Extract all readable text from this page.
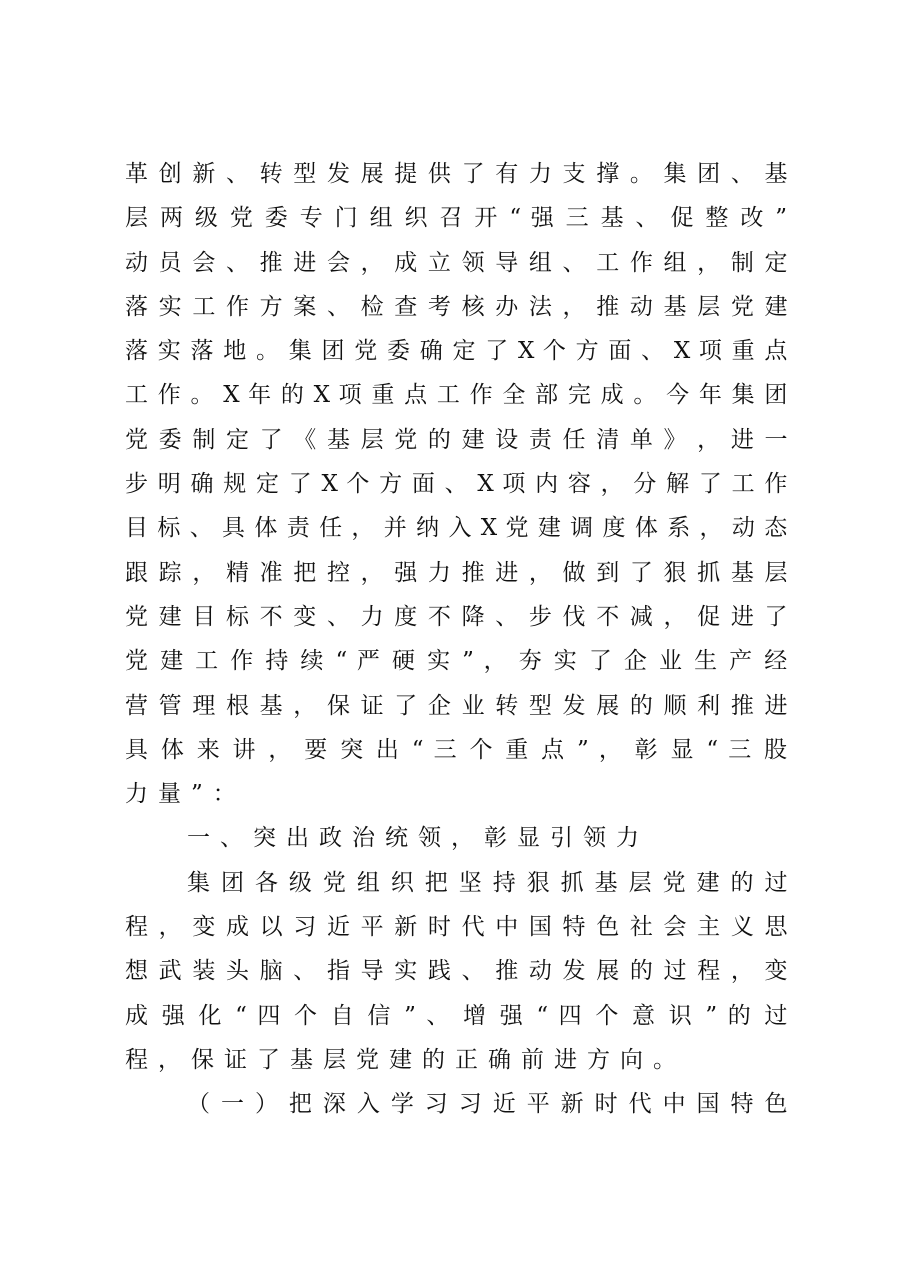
革 创 新 、 转 型 发 展 提 供 了 有 力 支 撑 。 集 团 、 基
层 两 级 党 委 专 门 组 织 召 开 “ 强 三 基 、 促 整 改 ”
动 员 会 、 推 进 会 ， 成 立 领 导 组 、 工 作 组 ， 制 定
落 实 工 作 方 案 、 检 查 考 核 办 法 ， 推 动 基 层 党 建
落 实 落 地 。 集 团 党 委 确 定 了 X 个 方 面 、 X 项 重 点
工 作 。 X 年 的 X 项 重 点 工 作 全 部 完 成 。 今 年 集 团
党 委 制 定 了 《 基 层 党 的 建 设 责 任 清 单 》 ， 进 一
步 明 确 规 定 了 X 个 方 面 、 X 项 内 容 ， 分 解 了 工 作
目 标 、 具 体 责 任 ， 并 纳 入 X 党 建 调 度 体 系 ， 动 态
跟 踪 ， 精 准 把 控 ， 强 力 推 进 ， 做 到 了 狠 抓 基 层
党 建 目 标 不 变 、 力 度 不 降 、 步 伐 不 减 ， 促 进 了
党 建 工 作 持 续 “ 严 硬 实 ” ， 夯 实 了 企 业 生 产 经
营 管 理 根 基 ， 保 证 了 企 业 转 型 发 展 的 顺 利 推 进
具 体 来 讲 ， 要 突 出 “ 三 个 重 点 ” ， 彰 显 “ 三 股
力量”：
一、突出政治统领，彰显引领力
集 团 各 级 党 组 织 把 坚 持 狠 抓 基 层 党 建 的 过
程 ， 变 成 以 习 近 平 新 时 代 中 国 特 色 社 会 主 义 思
想 武 装 头 脑 、 指 导 实 践 、 推 动 发 展 的 过 程 ， 变
成 强 化 “ 四 个 自 信 ” 、 增 强 “ 四 个 意 识 ” 的 过
程，保证了基层党建的正确前进方向。
（ 一 ） 把 深 入 学 习 习 近 平 新 时 代 中 国 特 色
